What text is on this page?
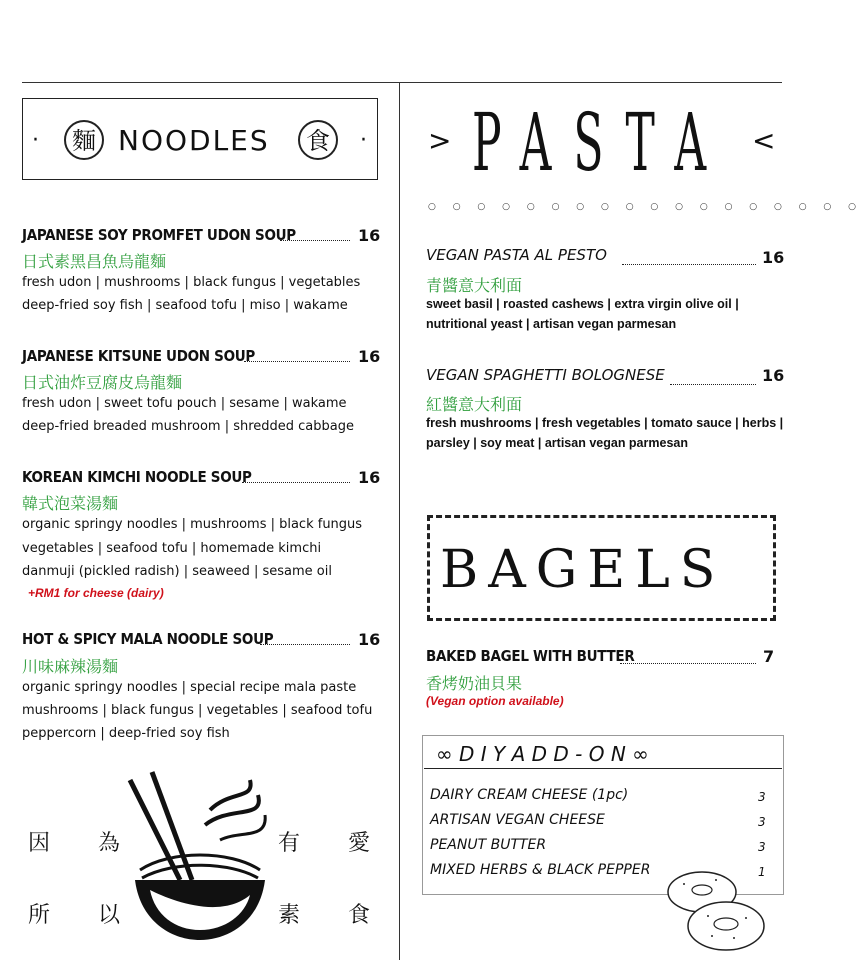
·	麵 NOODLES	食	·
JAPANESE SOY PROMFET UDON SOUP	16
日式素黑昌魚烏龍麵
fresh udon | mushrooms | black fungus | vegetables
deep-fried soy fish | seafood tofu | miso | wakame
JAPANESE KITSUNE UDON SOUP	16
日式油炸豆腐皮烏龍麵
fresh udon | sweet tofu pouch | sesame | wakame
deep-fried breaded mushroom | shredded cabbage
KOREAN KIMCHI NOODLE SOUP	16
韓式泡菜湯麵
organic springy noodles | mushrooms | black fungus
vegetables | seafood tofu | homemade kimchi
danmuji (pickled radish) | seaweed | sesame oil
+RM1 for cheese (dairy)
HOT & SPICY MALA NOODLE SOUP	16
川味麻辣湯麵
organic springy noodles | special recipe mala paste
mushrooms | black fungus | vegetables | seafood tofu
peppercorn | deep-fried soy fish
因 為	有 愛
所 以	素 食
> PASTA <
○ ○ ○ ○ ○ ○ ○ ○ ○ ○ ○ ○ ○ ○ ○ ○ ○ ○
VEGAN PASTA AL PESTO	16
青醬意大利面
sweet basil | roasted cashews | extra virgin olive oil |
nutritional yeast | artisan vegan parmesan
VEGAN SPAGHETTI BOLOGNESE	16
紅醬意大利面
fresh mushrooms | fresh vegetables | tomato sauce | herbs |
parsley | soy meat | artisan vegan parmesan
BAGELS
BAKED BAGEL WITH BUTTER	7
香烤奶油貝果
(Vegan option available)
∞ D I Y A D D - O N ∞
DAIRY CREAM CHEESE (1pc)	3
ARTISAN VEGAN CHEESE	3
PEANUT BUTTER	3
MIXED HERBS & BLACK PEPPER	1
